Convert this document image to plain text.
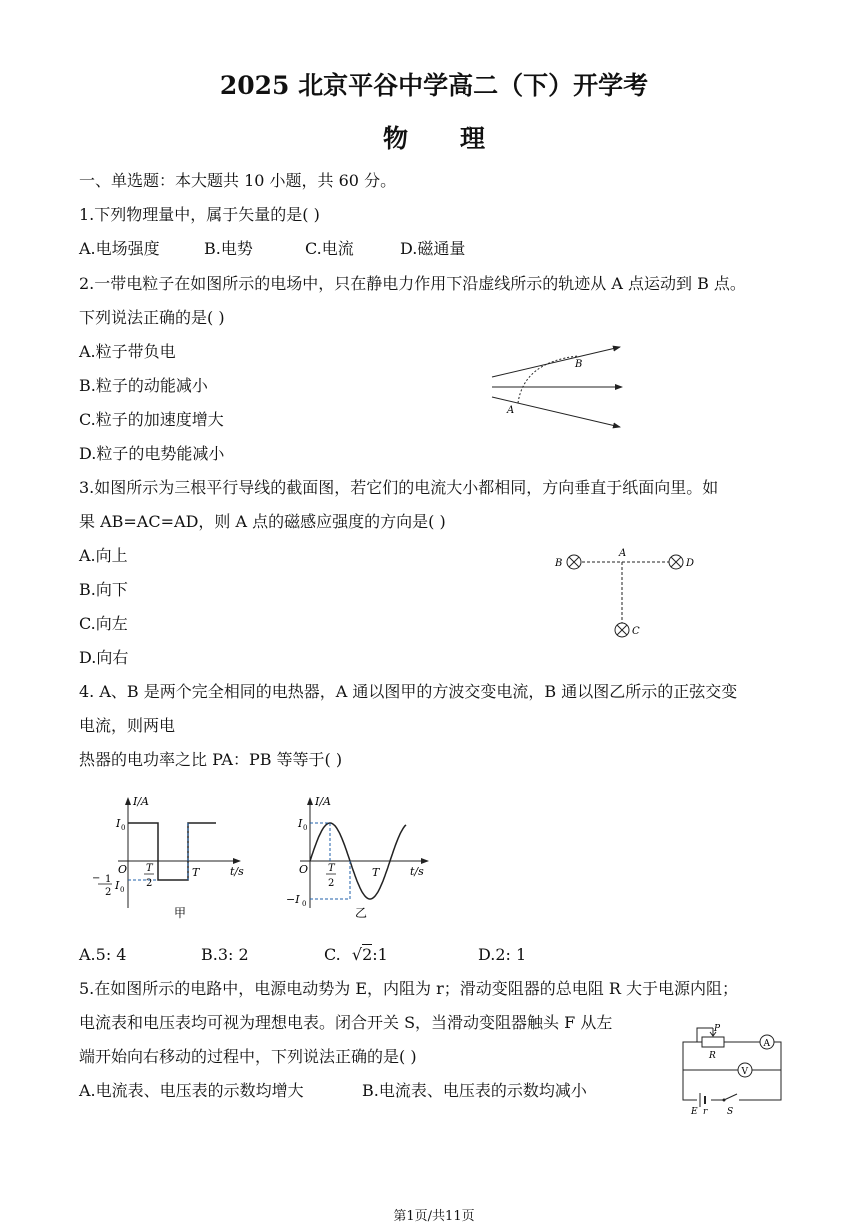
2025 北京平谷中学高二（下）开学考
物 理
一、单选题：本大题共 10 小题，共 60 分。
1.下列物理量中，属于矢量的是( )
A.电场强度	B.电势	C.电流	D.磁通量
2.一带电粒子在如图所示的电场中，只在静电力作用下沿虚线所示的轨迹从 A 点运动到 B 点。
下列说法正确的是( )
A.粒子带负电
B.粒子的动能减小
C.粒子的加速度增大
D.粒子的电势能减小
A
B
3.如图所示为三根平行导线的截面图，若它们的电流大小都相同，方向垂直于纸面向里。如
果 AB=AC=AD，则 A 点的磁感应强度的方向是( )
A.向上
B.向下
C.向左
D.向右
B
A
D
C
4. A、B 是两个完全相同的电热器，A 通以图甲的方波交变电流，B 通以图乙所示的正弦交变
电流，则两电
热器的电功率之比 PA：PB 等等于( )
I/A
t/s
I 0
O
1
−
2
I 0
T
2
T
甲
I/A
t/s
I 0
O
−I 0
T
2
T
乙
A.5: 4	B.3: 2	C. √2:1	D.2: 1
5.在如图所示的电路中，电源电动势为 E，内阻为 r；滑动变阻器的总电阻 R 大于电源内阻；
电流表和电压表均可视为理想电表。闭合开关 S，当滑动变阻器触头 F 从左
端开始向右移动的过程中，下列说法正确的是( )
A.电流表、电压表的示数均增大	B.电流表、电压表的示数均减小
P
R
A
V
E r S
第1页/共11页
